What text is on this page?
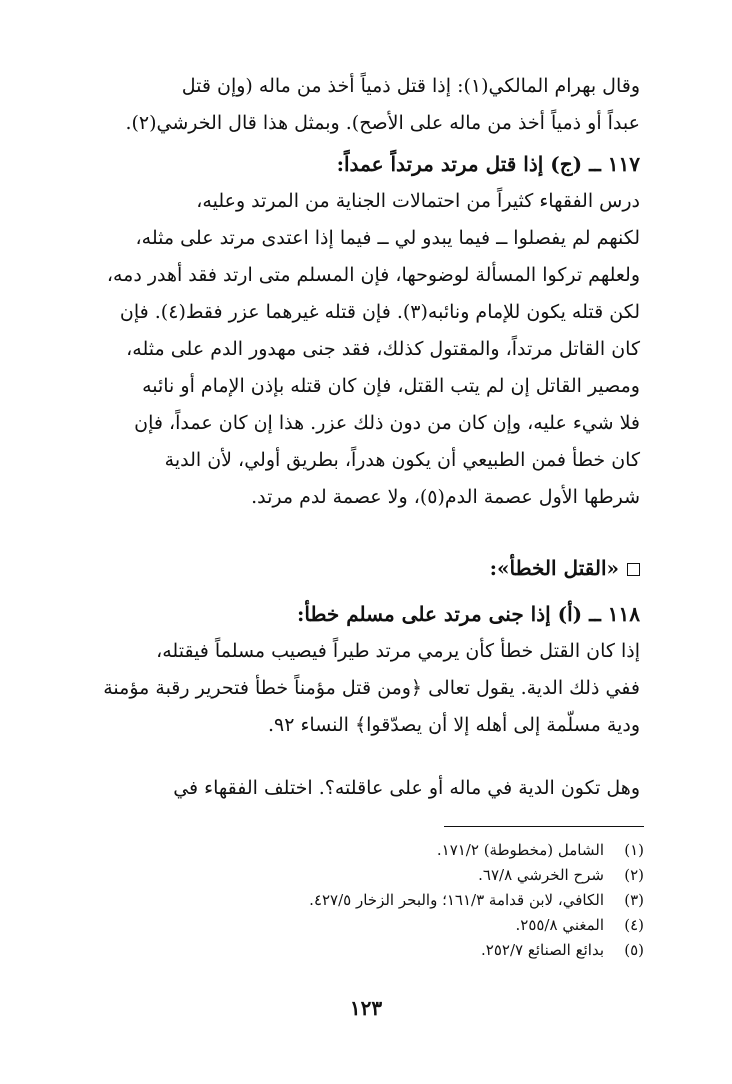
وقال بهرام المالكي(١): إذا قتل ذمياً أخذ من ماله (وإن قتل
عبداً أو ذمياً أخذ من ماله على الأصح). وبمثل هذا قال الخرشي(٢).
١١٧ ــ (ج) إذا قتل مرتد مرتداً عمداً:
درس الفقهاء كثيراً من احتمالات الجناية من المرتد وعليه،
لكنهم لم يفصلوا ــ فيما يبدو لي ــ فيما إذا اعتدى مرتد على مثله،
ولعلهم تركوا المسألة لوضوحها، فإن المسلم متى ارتد فقد أهدر دمه،
لكن قتله يكون للإمام ونائبه(٣). فإن قتله غيرهما عزر فقط(٤). فإن
كان القاتل مرتداً، والمقتول كذلك، فقد جنى مهدور الدم على مثله،
ومصير القاتل إن لم يتب القتل، فإن كان قتله بإذن الإمام أو نائبه
فلا شيء عليه، وإن كان من دون ذلك عزر. هذا إن كان عمداً، فإن
كان خطأ فمن الطبيعي أن يكون هدراً، بطريق أولي، لأن الدية
شرطها الأول عصمة الدم(٥)، ولا عصمة لدم مرتد.
«القتل الخطأ»:
١١٨ ــ (أ) إذا جنى مرتد على مسلم خطأ:
إذا كان القتل خطأ كأن يرمي مرتد طيراً فيصيب مسلماً فيقتله،
ففي ذلك الدية. يقول تعالى ﴿ومن قتل مؤمناً خطأ فتحرير رقبة مؤمنة
ودية مسلّمة إلى أهله إلا أن يصدّقوا﴾ النساء ٩٢.
وهل تكون الدية في ماله أو على عاقلته؟. اختلف الفقهاء في
(١)الشامل (مخطوطة) ١٧١/٢.
(٢)شرح الخرشي ٦٧/٨.
(٣)الكافي، لابن قدامة ١٦١/٣؛ والبحر الزخار ٤٢٧/٥.
(٤)المغني ٢٥٥/٨.
(٥)بدائع الصنائع ٢٥٢/٧.
١٢٣
